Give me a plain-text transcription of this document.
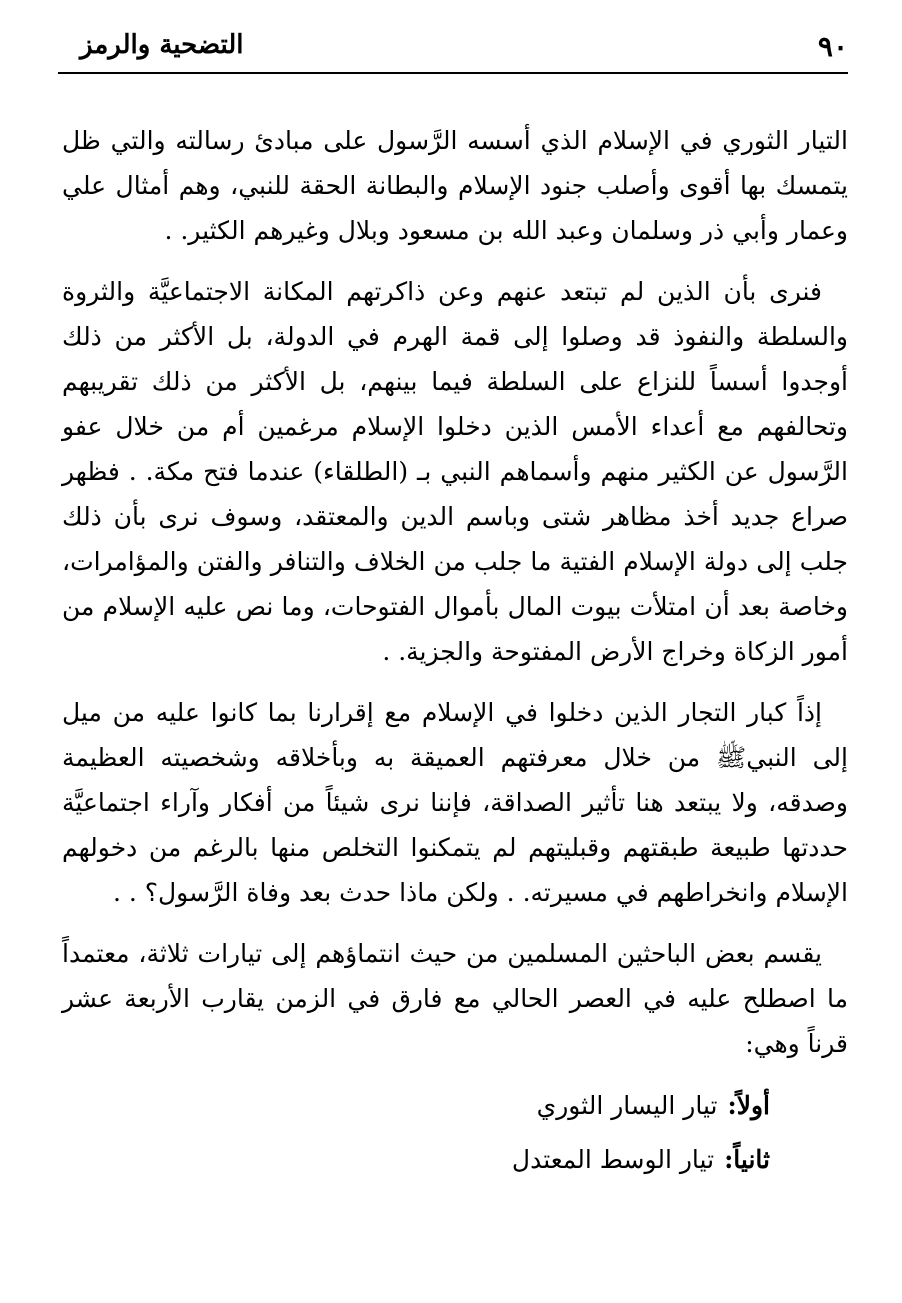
٩٠
التضحية والرمز

التيار الثوري في الإسلام الذي أسسه الرَّسول على مبادئ رسالته والتي ظل يتمسك بها أقوى وأصلب جنود الإسلام والبطانة الحقة للنبي، وهم أمثال علي وعمار وأبي ذر وسلمان وعبد الله بن مسعود وبلال وغيرهم الكثير. .

فنرى بأن الذين لم تبتعد عنهم وعن ذاكرتهم المكانة الاجتماعيَّة والثروة والسلطة والنفوذ قد وصلوا إلى قمة الهرم في الدولة، بل الأكثر من ذلك أوجدوا أسساً للنزاع على السلطة فيما بينهم، بل الأكثر من ذلك تقريبهم وتحالفهم مع أعداء الأمس الذين دخلوا الإسلام مرغمين أم من خلال عفو الرَّسول عن الكثير منهم وأسماهم النبي بـ (الطلقاء) عندما فتح مكة. . فظهر صراع جديد أخذ مظاهر شتى وباسم الدين والمعتقد، وسوف نرى بأن ذلك جلب إلى دولة الإسلام الفتية ما جلب من الخلاف والتنافر والفتن والمؤامرات، وخاصة بعد أن امتلأت بيوت المال بأموال الفتوحات، وما نص عليه الإسلام من أمور الزكاة وخراج الأرض المفتوحة والجزية. .

إذاً كبار التجار الذين دخلوا في الإسلام مع إقرارنا بما كانوا عليه من ميل إلى النبيﷺ من خلال معرفتهم العميقة به وبأخلاقه وشخصيته العظيمة وصدقه، ولا يبتعد هنا تأثير الصداقة، فإننا نرى شيئاً من أفكار وآراء اجتماعيَّة حددتها طبيعة طبقتهم وقبليتهم لم يتمكنوا التخلص منها بالرغم من دخولهم الإسلام وانخراطهم في مسيرته. . ولكن ماذا حدث بعد وفاة الرَّسول؟ . .

يقسم بعض الباحثين المسلمين من حيث انتماؤهم إلى تيارات ثلاثة، معتمداً ما اصطلح عليه في العصر الحالي مع فارق في الزمن يقارب الأربعة عشر قرناً وهي:

أولاً:تيار اليسار الثوري
ثانياً:تيار الوسط المعتدل
